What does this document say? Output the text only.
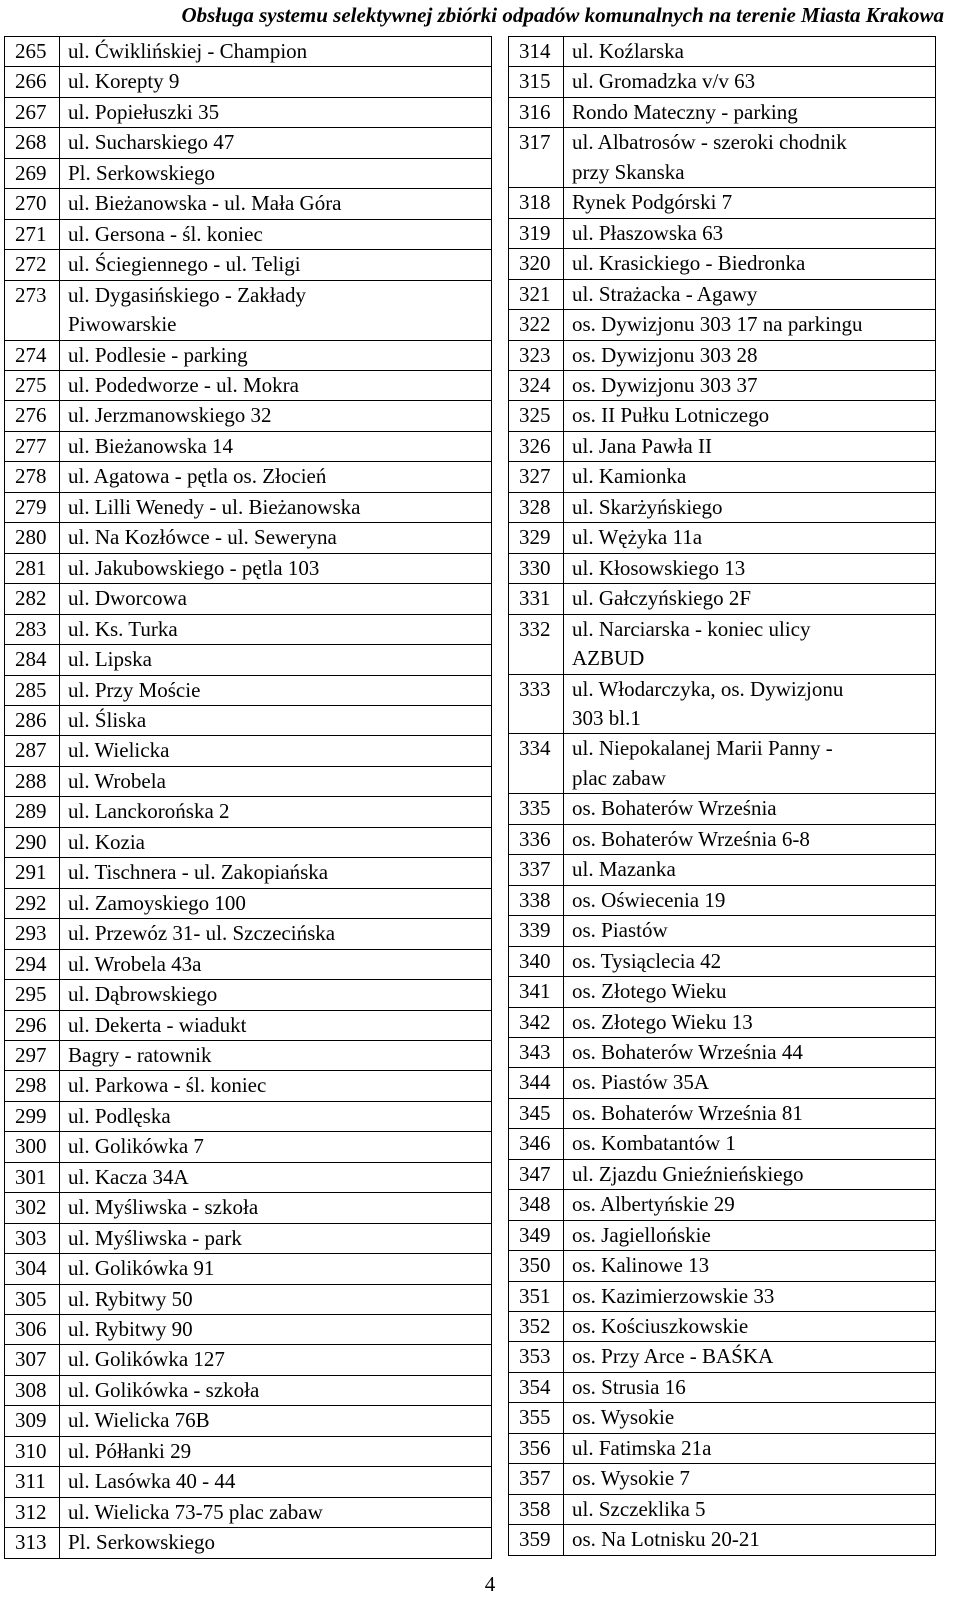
Obsługa systemu selektywnej zbiórki odpadów komunalnych na terenie Miasta Krakowa
265	ul. Ćwiklińskiej - Champion

266	ul. Korepty 9

267	ul. Popiełuszki 35

268	ul. Sucharskiego 47

269	Pl. Serkowskiego

270	ul. Bieżanowska - ul. Mała Góra

271	ul. Gersona - śl. koniec

272	ul. Ściegiennego - ul. Teligi

273	ul. Dygasińskiego - Zakłady
Piwowarskie

274	ul. Podlesie - parking

275	ul. Podedworze - ul. Mokra

276	ul. Jerzmanowskiego 32

277	ul. Bieżanowska 14

278	ul. Agatowa - pętla os. Złocień

279	ul. Lilli Wenedy - ul. Bieżanowska

280	ul. Na Kozłówce - ul. Seweryna

281	ul. Jakubowskiego - pętla 103

282	ul. Dworcowa

283	ul. Ks. Turka

284	ul. Lipska

285	ul. Przy Moście

286	ul. Śliska

287	ul. Wielicka

288	ul. Wrobela

289	ul. Lanckorońska 2

290	ul. Kozia

291	ul. Tischnera - ul. Zakopiańska

292	ul. Zamoyskiego 100

293	ul. Przewóz 31- ul. Szczecińska

294	ul. Wrobela 43a

295	ul. Dąbrowskiego

296	ul. Dekerta - wiadukt

297	Bagry - ratownik

298	ul. Parkowa - śl. koniec

299	ul. Podlęska

300	ul. Golikówka 7

301	ul. Kacza 34A

302	ul. Myśliwska - szkoła

303	ul. Myśliwska - park

304	ul. Golikówka 91

305	ul. Rybitwy 50

306	ul. Rybitwy 90

307	ul. Golikówka 127

308	ul. Golikówka - szkoła

309	ul. Wielicka 76B

310	ul. Półłanki 29

311	ul. Lasówka 40 - 44

312	ul. Wielicka 73-75 plac zabaw

313	Pl. Serkowskiego
314	ul. Koźlarska

315	ul. Gromadzka v/v 63

316	Rondo Mateczny - parking

317	ul. Albatrosów - szeroki chodnik
przy Skanska

318	Rynek Podgórski 7

319	ul. Płaszowska 63

320	ul. Krasickiego - Biedronka

321	ul. Strażacka - Agawy

322	os. Dywizjonu 303 17 na parkingu

323	os. Dywizjonu 303 28

324	os. Dywizjonu 303 37

325	os. II Pułku Lotniczego

326	ul. Jana Pawła II

327	ul. Kamionka

328	ul. Skarżyńskiego

329	ul. Wężyka 11a

330	ul. Kłosowskiego 13

331	ul. Gałczyńskiego 2F

332	ul. Narciarska - koniec ulicy
AZBUD

333	ul. Włodarczyka, os. Dywizjonu
303 bl.1

334	ul. Niepokalanej Marii Panny -
plac zabaw

335	os. Bohaterów Września

336	os. Bohaterów Września 6-8

337	ul. Mazanka

338	os. Oświecenia 19

339	os. Piastów

340	os. Tysiąclecia 42

341	os. Złotego Wieku

342	os. Złotego Wieku 13

343	os. Bohaterów Września 44

344	os. Piastów 35A

345	os. Bohaterów Września 81

346	os. Kombatantów 1

347	ul. Zjazdu Gnieźnieńskiego

348	os. Albertyńskie 29

349	os. Jagiellońskie

350	os. Kalinowe 13

351	os. Kazimierzowskie 33

352	os. Kościuszkowskie

353	os. Przy Arce - BAŚKA

354	os. Strusia 16

355	os. Wysokie

356	ul. Fatimska 21a

357	os. Wysokie 7

358	ul. Szczeklika 5

359	os. Na Lotnisku 20-21
4
